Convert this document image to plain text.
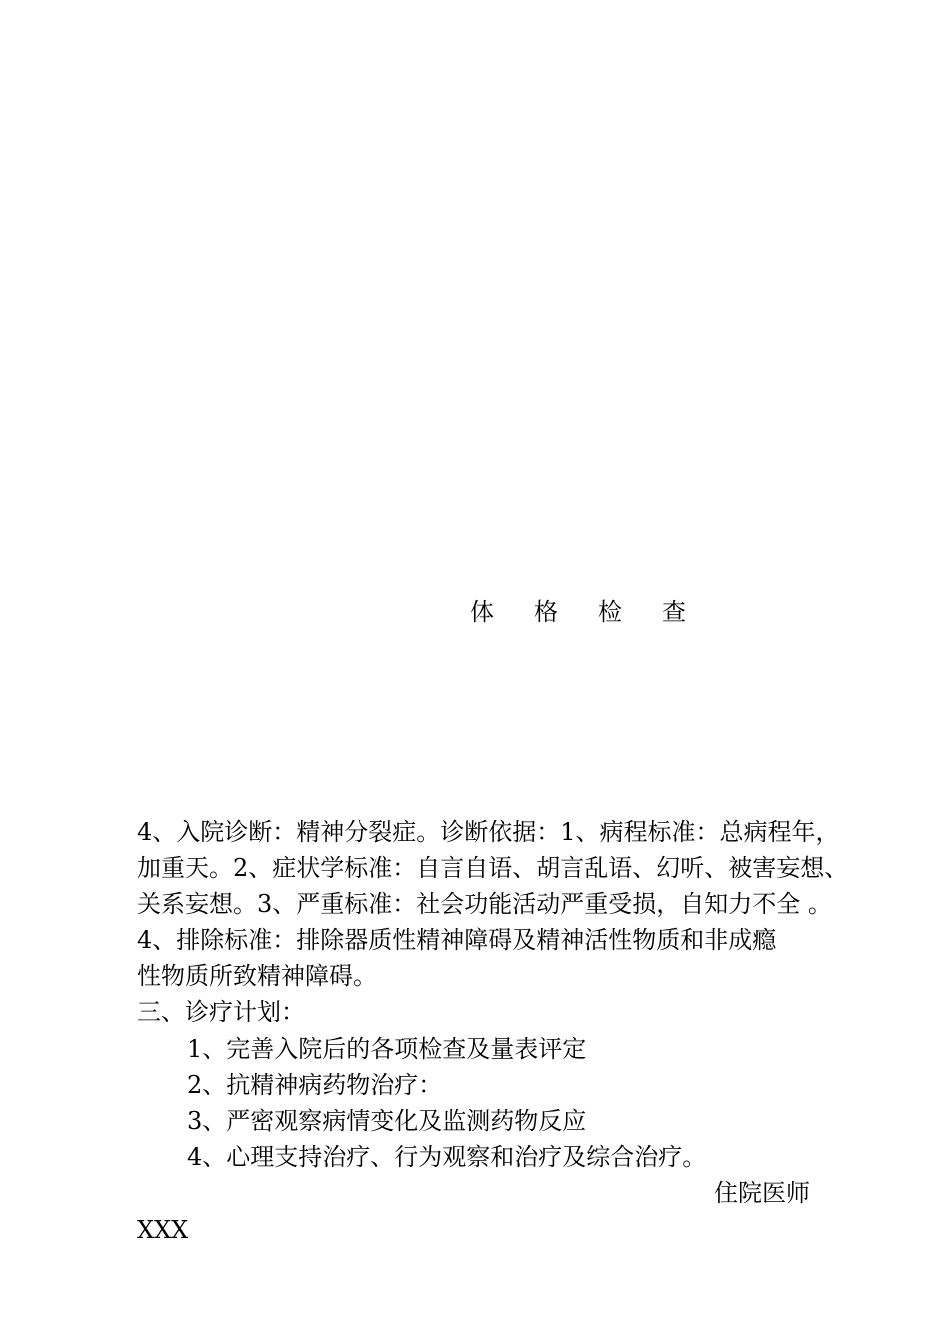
体 格 检 查
4、入院诊断：精神分裂症。诊断依据：1、病程标准：总病程年，
加重天。2、症状学标准：自言自语、胡言乱语、幻听、被害妄想、
关系妄想。3、严重标准：社会功能活动严重受损，自知力不全 。
4、排除标准：排除器质性精神障碍及精神活性物质和非成瘾
性物质所致精神障碍。
三、诊疗计划：
1、完善入院后的各项检查及量表评定
2、抗精神病药物治疗：
3、严密观察病情变化及监测药物反应
4、心理支持治疗、行为观察和治疗及综合治疗。
住院医师
XXX
